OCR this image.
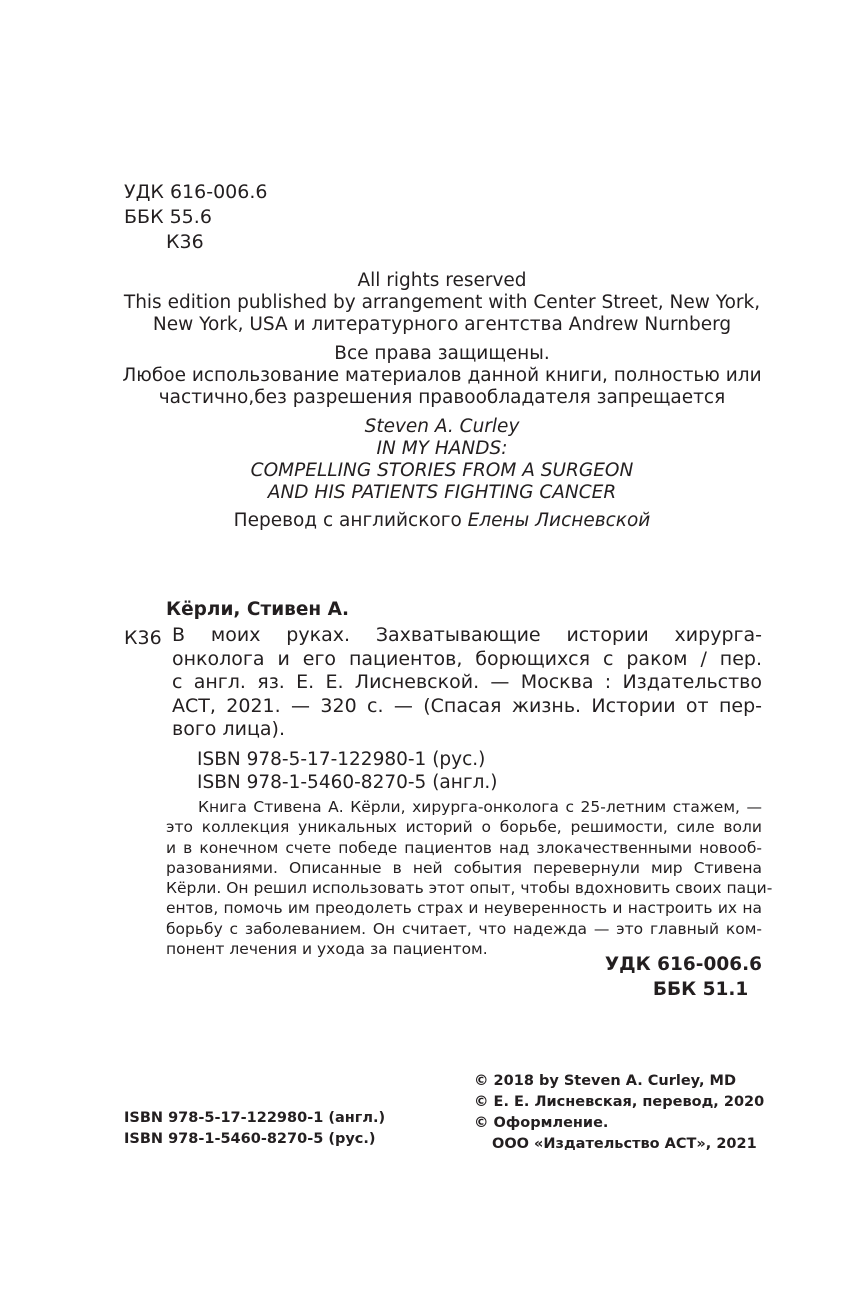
УДК 616-006.6
ББК 55.6
К36
All rights reserved
This edition published by arrangement with Center Street, New York,
New York, USA и литературного агентства Andrew Nurnberg
Все права защищены.
Любое использование материалов данной книги, полностью или
частично,без разрешения правообладателя запрещается
Steven A. Curley
IN MY HANDS:
COMPELLING STORIES FROM A SURGEON
AND HIS PATIENTS FIGHTING CANCER
Перевод с английского Елены Лисневской
Кёрли, Стивен А.
К36 В моих руках. Захватывающие истории хирурга-
онколога и его пациентов, борющихся с раком / пер.
с англ. яз. Е. Е. Лисневской. — Москва : Издательство
АСТ, 2021. — 320 с. — (Спасая жизнь. Истории от пер-
вого лица).
ISBN 978-5-17-122980-1 (рус.)
ISBN 978-1-5460-8270-5 (англ.)
Книга Стивена А. Кёрли, хирурга-онколога с 25-летним стажем, —
это коллекция уникальных историй о борьбе, решимости, силе воли
и в конечном счете победе пациентов над злокачественными новооб-
разованиями. Описанные в ней события перевернули мир Стивена
Кёрли. Он решил использовать этот опыт, чтобы вдохновить своих паци-
ентов, помочь им преодолеть страх и неуверенность и настроить их на
борьбу с заболеванием. Он считает, что надежда — это главный ком-
понент лечения и ухода за пациентом.
УДК 616-006.6
ББК 51.1
© 2018 by Steven A. Curley, MD
© Е. Е. Лисневская, перевод, 2020
© Оформление.
ООО «Издательство АСТ», 2021
ISBN 978-5-17-122980-1 (англ.)
ISBN 978-1-5460-8270-5 (рус.)
